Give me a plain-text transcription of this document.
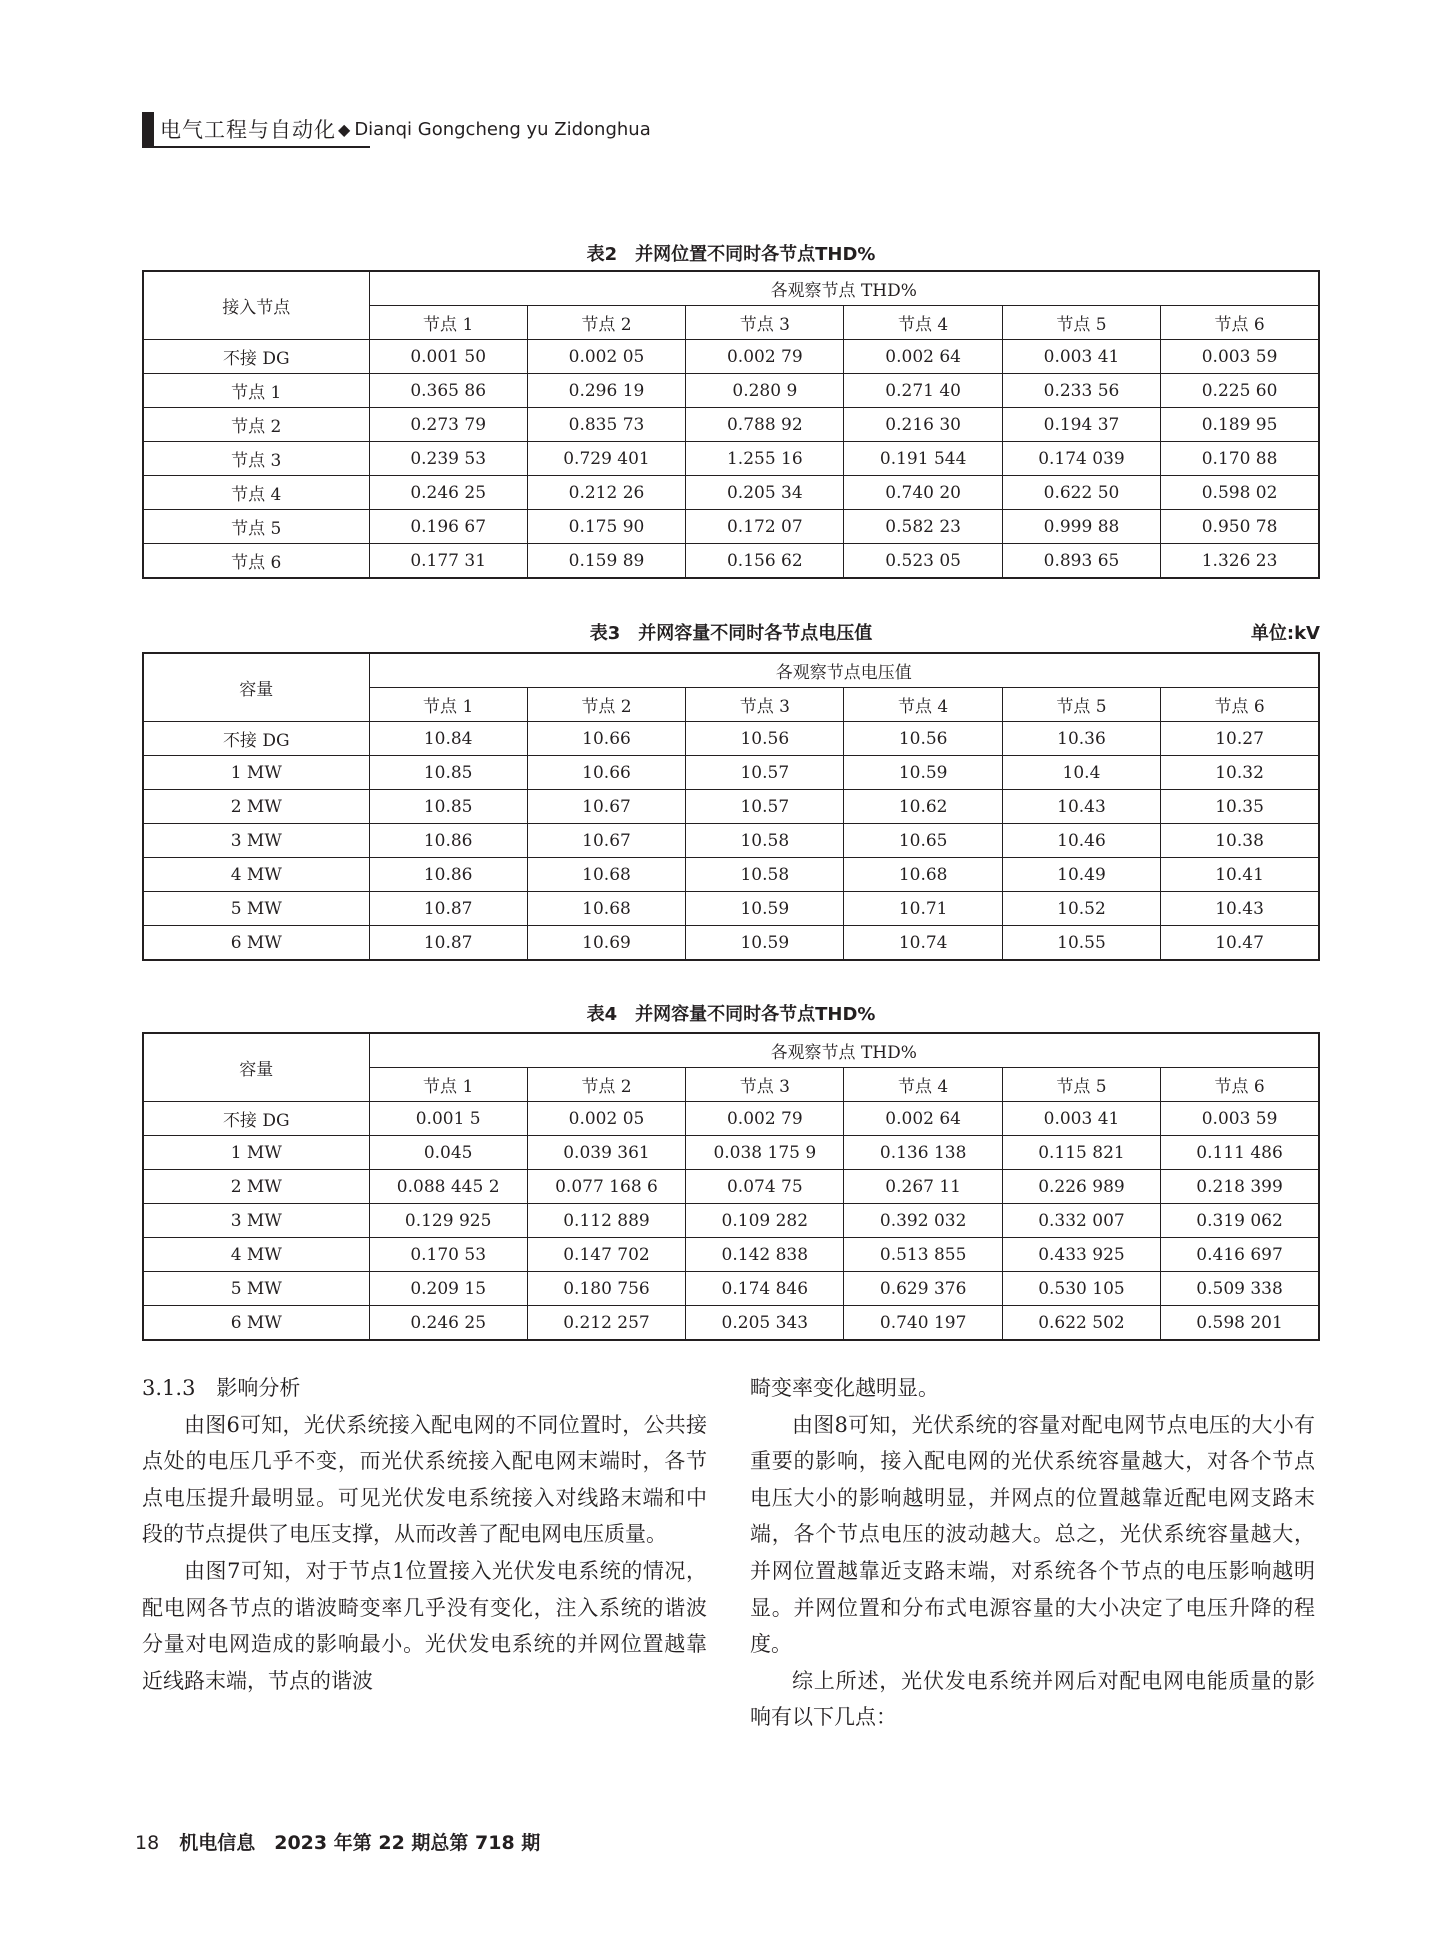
电气工程与自动化 ◆ Dianqi Gongcheng yu Zidonghua
表2　并网位置不同时各节点THD%
接入节点	各观察节点 THD%					
	节点 1	节点 2	节点 3	节点 4	节点 5	节点 6
不接 DG	0.001 50	0.002 05	0.002 79	0.002 64	0.003 41	0.003 59
节点 1	0.365 86	0.296 19	0.280 9	0.271 40	0.233 56	0.225 60
节点 2	0.273 79	0.835 73	0.788 92	0.216 30	0.194 37	0.189 95
节点 3	0.239 53	0.729 401	1.255 16	0.191 544	0.174 039	0.170 88
节点 4	0.246 25	0.212 26	0.205 34	0.740 20	0.622 50	0.598 02
节点 5	0.196 67	0.175 90	0.172 07	0.582 23	0.999 88	0.950 78
节点 6	0.177 31	0.159 89	0.156 62	0.523 05	0.893 65	1.326 23
表3　并网容量不同时各节点电压值	单位:kV
容量	各观察节点电压值					
	节点 1	节点 2	节点 3	节点 4	节点 5	节点 6
不接 DG	10.84	10.66	10.56	10.56	10.36	10.27
1 MW	10.85	10.66	10.57	10.59	10.4	10.32
2 MW	10.85	10.67	10.57	10.62	10.43	10.35
3 MW	10.86	10.67	10.58	10.65	10.46	10.38
4 MW	10.86	10.68	10.58	10.68	10.49	10.41
5 MW	10.87	10.68	10.59	10.71	10.52	10.43
6 MW	10.87	10.69	10.59	10.74	10.55	10.47
表4　并网容量不同时各节点THD%
容量	各观察节点 THD%					
	节点 1	节点 2	节点 3	节点 4	节点 5	节点 6
不接 DG	0.001 5	0.002 05	0.002 79	0.002 64	0.003 41	0.003 59
1 MW	0.045	0.039 361	0.038 175 9	0.136 138	0.115 821	0.111 486
2 MW	0.088 445 2	0.077 168 6	0.074 75	0.267 11	0.226 989	0.218 399
3 MW	0.129 925	0.112 889	0.109 282	0.392 032	0.332 007	0.319 062
4 MW	0.170 53	0.147 702	0.142 838	0.513 855	0.433 925	0.416 697
5 MW	0.209 15	0.180 756	0.174 846	0.629 376	0.530 105	0.509 338
6 MW	0.246 25	0.212 257	0.205 343	0.740 197	0.622 502	0.598 201

3.1.3　影响分析

由图6可知，光伏系统接入配电网的不同位置时，公共接点处的电压几乎不变，而光伏系统接入配电网末端时，各节点电压提升最明显。可见光伏发电系统接入对线路末端和中段的节点提供了电压支撑，从而改善了配电网电压质量。

由图7可知，对于节点1位置接入光伏发电系统的情况，配电网各节点的谐波畸变率几乎没有变化，注入系统的谐波分量对电网造成的影响最小。光伏发电系统的并网位置越靠近线路末端，节点的谐波

畸变率变化越明显。

由图8可知，光伏系统的容量对配电网节点电压的大小有重要的影响，接入配电网的光伏系统容量越大，对各个节点电压大小的影响越明显，并网点的位置越靠近配电网支路末端，各个节点电压的波动越大。总之，光伏系统容量越大，并网位置越靠近支路末端，对系统各个节点的电压影响越明显。并网位置和分布式电源容量的大小决定了电压升降的程度。

综上所述，光伏发电系统并网后对配电网电能质量的影响有以下几点：

18 机电信息　2023 年第 22 期总第 718 期
